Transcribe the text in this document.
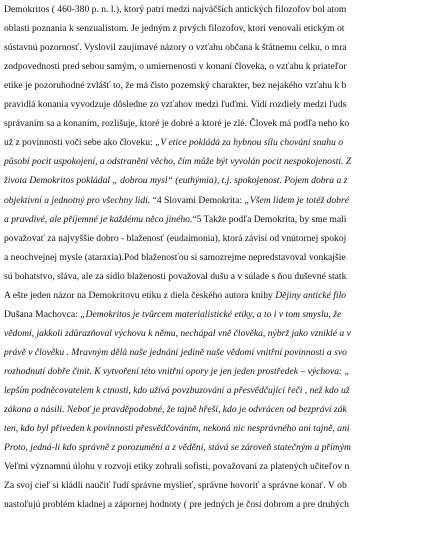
Demokritos ( 460-380 p. n. l.), ktorý patrí medzi najväčších antických filozofov bol atom
oblasti poznania k senzualistom. Je jedným z prvých filozofov, ktorí venovali etickým ot
sústavnú pozornosť. Vyslovil zaujímavé názory o vzťahu občana k štátnemu celku, o mra
zodpovednosti pred sebou samým, o umiernenosti v konaní človeka, o vzťahu k priateľor
etike je pozoruhodné zvlášť to, že má čisto pozemský charakter, bez nejakého vzťahu k b
pravidlá konania vyvodzuje dôsledne zo vzťahov medzi ľuďmi. Vidí rozdiely medzi ľuds
správaním sa a konaním, rozlišuje, ktoré je dobré a ktoré je zlé. Človek má podľa neho ko
už z povinnosti voči sebe ako človeku: „V etice pokládá za hybnou sílu chování snahu o
působí pocit uspokojení, a odstranění věcho, čím může být vyvolán pocit nespokojenosti. Z
života Demokritos pokládal „ dobrou mysl“ (euthýmia), t.j. spokojenost. Pojem dobra a z
objektivní a jednotný pro všechny lidi. “4 Slovami Demokrita: „Všem lidem je totéž dobré
a pravdivé, ale příjemné je každému něco jiného.“5 Takže podľa Demokrita, by sme mali
považovať za najvyššie dobro - blaženosť (eudaimonia), ktorá závisí od vnútornej spokoj
a neochvejnej mysle (ataraxia).Pod blaženosťou si samozrejme nepredstavoval vonkajšie
sú bohatstvo, sláva, ale za sídlo blaženosti považoval dušu a v súlade s ňou duševné statk
A ešte jeden názor na Demokritovu etiku z diela českého autora knihy Dějiny antické filo
Dušana Machovca: „Demokritos je tvůrcem materialistické etiky, a to i v tom smyslu, že
vědomí, jakkoli zdůrazňoval výchovu k němu, nechápal vně člověka, nýbrž jako vzniklé a v
právě v člověku . Mravným dělá naše jednání jedině naše vědomí vnitřní povinnosti a svo
rozhodnutí dobře činit. K vytvoření této vnitřní opory je jen jeden prostředek – výchova: „
lepším podněcovatelem k ctnosti, kdo užívá povzbuzování a přesvědčující řeči , než kdo už
zákona a násilí. Neboť je pravděpodobné, že tajně hřeší, kdo je odvrácen od bezpráví zák
ten, kdo byl přiveden k povinnosti přesvědčováním, nekoná nic nesprávného ani tajně, ani
Proto, jedná-li kdo správně z porozumění a z vědění, stává se zároveň statečným a přímým
Veľmi významnú úlohu v rozvoji etiky zohrali sofisti, považovaní za platených učiteľov n
Za svoj cieľ si kládli naučiť ľudí správne myslieť, správne hovoriť a správne konať. V ob
nastoľujú problém kladnej a zápornej hodnoty ( pre jedných je čosi dobrom a pre druhých
